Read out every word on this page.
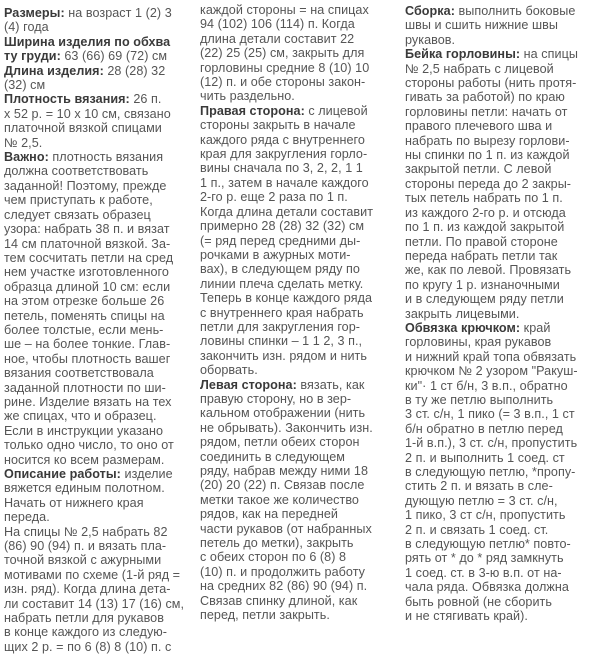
Размеры: на возраст 1 (2) 3
(4) года
Ширина изделия по обхва
ту груди: 63 (66) 69 (72) см
Длина изделия: 28 (28) 32
(32) см
Плотность вязания: 26 п.
х 52 р. = 10 х 10 см, связано
платочной вязкой спицами
№ 2,5.
Важно: плотность вязания
должна соответствовать
заданной! Поэтому, прежде
чем приступать к работе,
следует связать образец
узора: набрать 38 п. и вязат
14 см платочной вязкой. За-
тем сосчитать петли на сред
нем участке изготовленного
образца длиной 10 см: если
на этом отрезке больше 26
петель, поменять спицы на
более толстые, если мень-
ше – на более тонкие. Глав-
ное, чтобы плотность вашег
вязания соответствовала
заданной плотности по ши-
рине. Изделие вязать на тех
же спицах, что и образец.
Если в инструкции указано
только одно число, то оно от
носится ко всем размерам.
Описание работы: изделие
вяжется единым полотном.
Начать от нижнего края
переда.
На спицы № 2,5 набрать 82
(86) 90 (94) п. и вязать пла-
точной вязкой с ажурными
мотивами по схеме (1-й ряд =
изн. ряд). Когда длина дета-
ли составит 14 (13) 17 (16) см,
набрать петли для рукавов
в конце каждого из следую-
щих 2 р. = по 6 (8) 8 (10) п. с
каждой стороны = на спицах
94 (102) 106 (114) п. Когда
длина детали составит 22
(22) 25 (25) см, закрыть для
горловины средние 8 (10) 10
(12) п. и обе стороны закон-
чить раздельно.
Правая сторона: с лицевой
стороны закрыть в начале
каждого ряда с внутреннего
края для закругления горло-
вины сначала по 3, 2, 2, 1 1
1 п., затем в начале каждого
2-го р. еще 2 раза по 1 п.
Когда длина детали составит
примерно 28 (28) 32 (32) см
(= ряд перед средними ды-
рочками в ажурных моти-
вах), в следующем ряду по
линии плеча сделать метку.
Теперь в конце каждого ряда
с внутреннего края набрать
петли для закругления гор-
ловины спинки – 1 1 2, 3 п.,
закончить изн. рядом и нить
оборвать.
Левая сторона: вязать, как
правую сторону, но в зер-
кальном отображении (нить
не обрывать). Закончить изн.
рядом, петли обеих сторон
соединить в следующем
ряду, набрав между ними 18
(20) 20 (22) п. Связав после
метки такое же количество
рядов, как на передней
части рукавов (от набранных
петель до метки), закрыть
с обеих сторон по 6 (8) 8
(10) п. и продолжить работу
на средних 82 (86) 90 (94) п.
Связав спинку длиной, как
перед, петли закрыть.
Сборка: выполнить боковые
швы и сшить нижние швы
рукавов.
Бейка горловины: на спицы
№ 2,5 набрать с лицевой
стороны работы (нить протя-
гивать за работой) по краю
горловины петли: начать от
правого плечевого шва и
набрать по вырезу горлови-
ны спинки по 1 п. из каждой
закрытой петли. С левой
стороны переда до 2 закры-
тых петель набрать по 1 п.
из каждого 2-го р. и отсюда
по 1 п. из каждой закрытой
петли. По правой стороне
переда набрать петли так
же, как по левой. Провязать
по кругу 1 р. изнаночными
и в следующем ряду петли
закрыть лицевыми.
Обвязка крючком: край
горловины, края рукавов
и нижний край топа обвязать
крючком № 2 узором "Ракуш-
ки"· 1 ст б/н, 3 в.п., обратно
в ту же петлю выполнить
3 ст. с/н, 1 пико (= 3 в.п., 1 ст
б/н обратно в петлю перед
1-й в.п.), 3 ст. с/н, пропустить
2 п. и выполнить 1 соед. ст
в следующую петлю, *пропу-
стить 2 п. и вязать в сле-
дующую петлю = 3 ст. с/н,
1 пико, 3 ст с/н, пропустить
2 п. и связать 1 соед. ст.
в следующую петлю* повто-
рять от * до * ряд замкнуть
1 соед. ст. в 3-ю в.п. от на-
чала ряда. Обвязка должна
быть ровной (не сборить
и не стягивать край).
